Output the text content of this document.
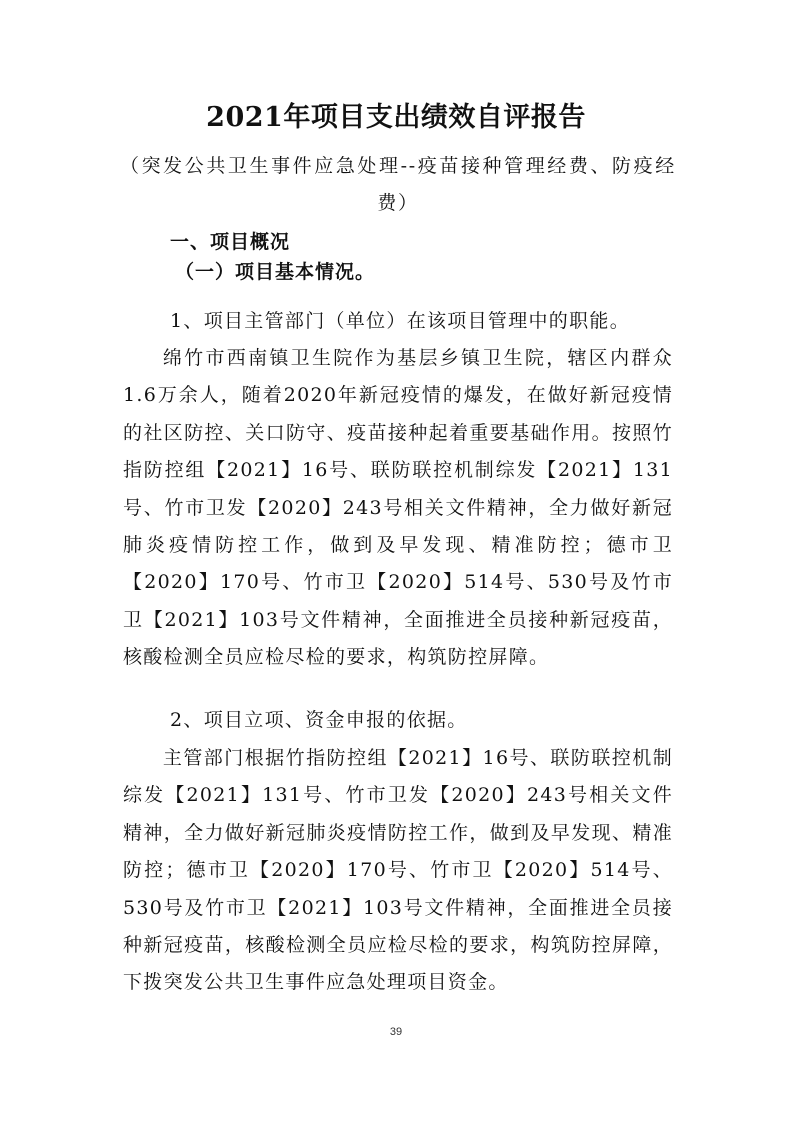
2021年项目支出绩效自评报告
（突发公共卫生事件应急处理--疫苗接种管理经费、防疫经费）
一、项目概况
（一）项目基本情况。
1、项目主管部门（单位）在该项目管理中的职能。
绵竹市西南镇卫生院作为基层乡镇卫生院，辖区内群众1.6万余人，随着2020年新冠疫情的爆发，在做好新冠疫情的社区防控、关口防守、疫苗接种起着重要基础作用。按照竹指防控组【2021】16号、联防联控机制综发【2021】131号、竹市卫发【2020】243号相关文件精神，全力做好新冠肺炎疫情防控工作，做到及早发现、精准防控；德市卫【2020】170号、竹市卫【2020】514号、530号及竹市卫【2021】103号文件精神，全面推进全员接种新冠疫苗，核酸检测全员应检尽检的要求，构筑防控屏障。
2、项目立项、资金申报的依据。
主管部门根据竹指防控组【2021】16号、联防联控机制综发【2021】131号、竹市卫发【2020】243号相关文件精神，全力做好新冠肺炎疫情防控工作，做到及早发现、精准防控；德市卫【2020】170号、竹市卫【2020】514号、530号及竹市卫【2021】103号文件精神，全面推进全员接种新冠疫苗，核酸检测全员应检尽检的要求，构筑防控屏障，下拨突发公共卫生事件应急处理项目资金。
39
